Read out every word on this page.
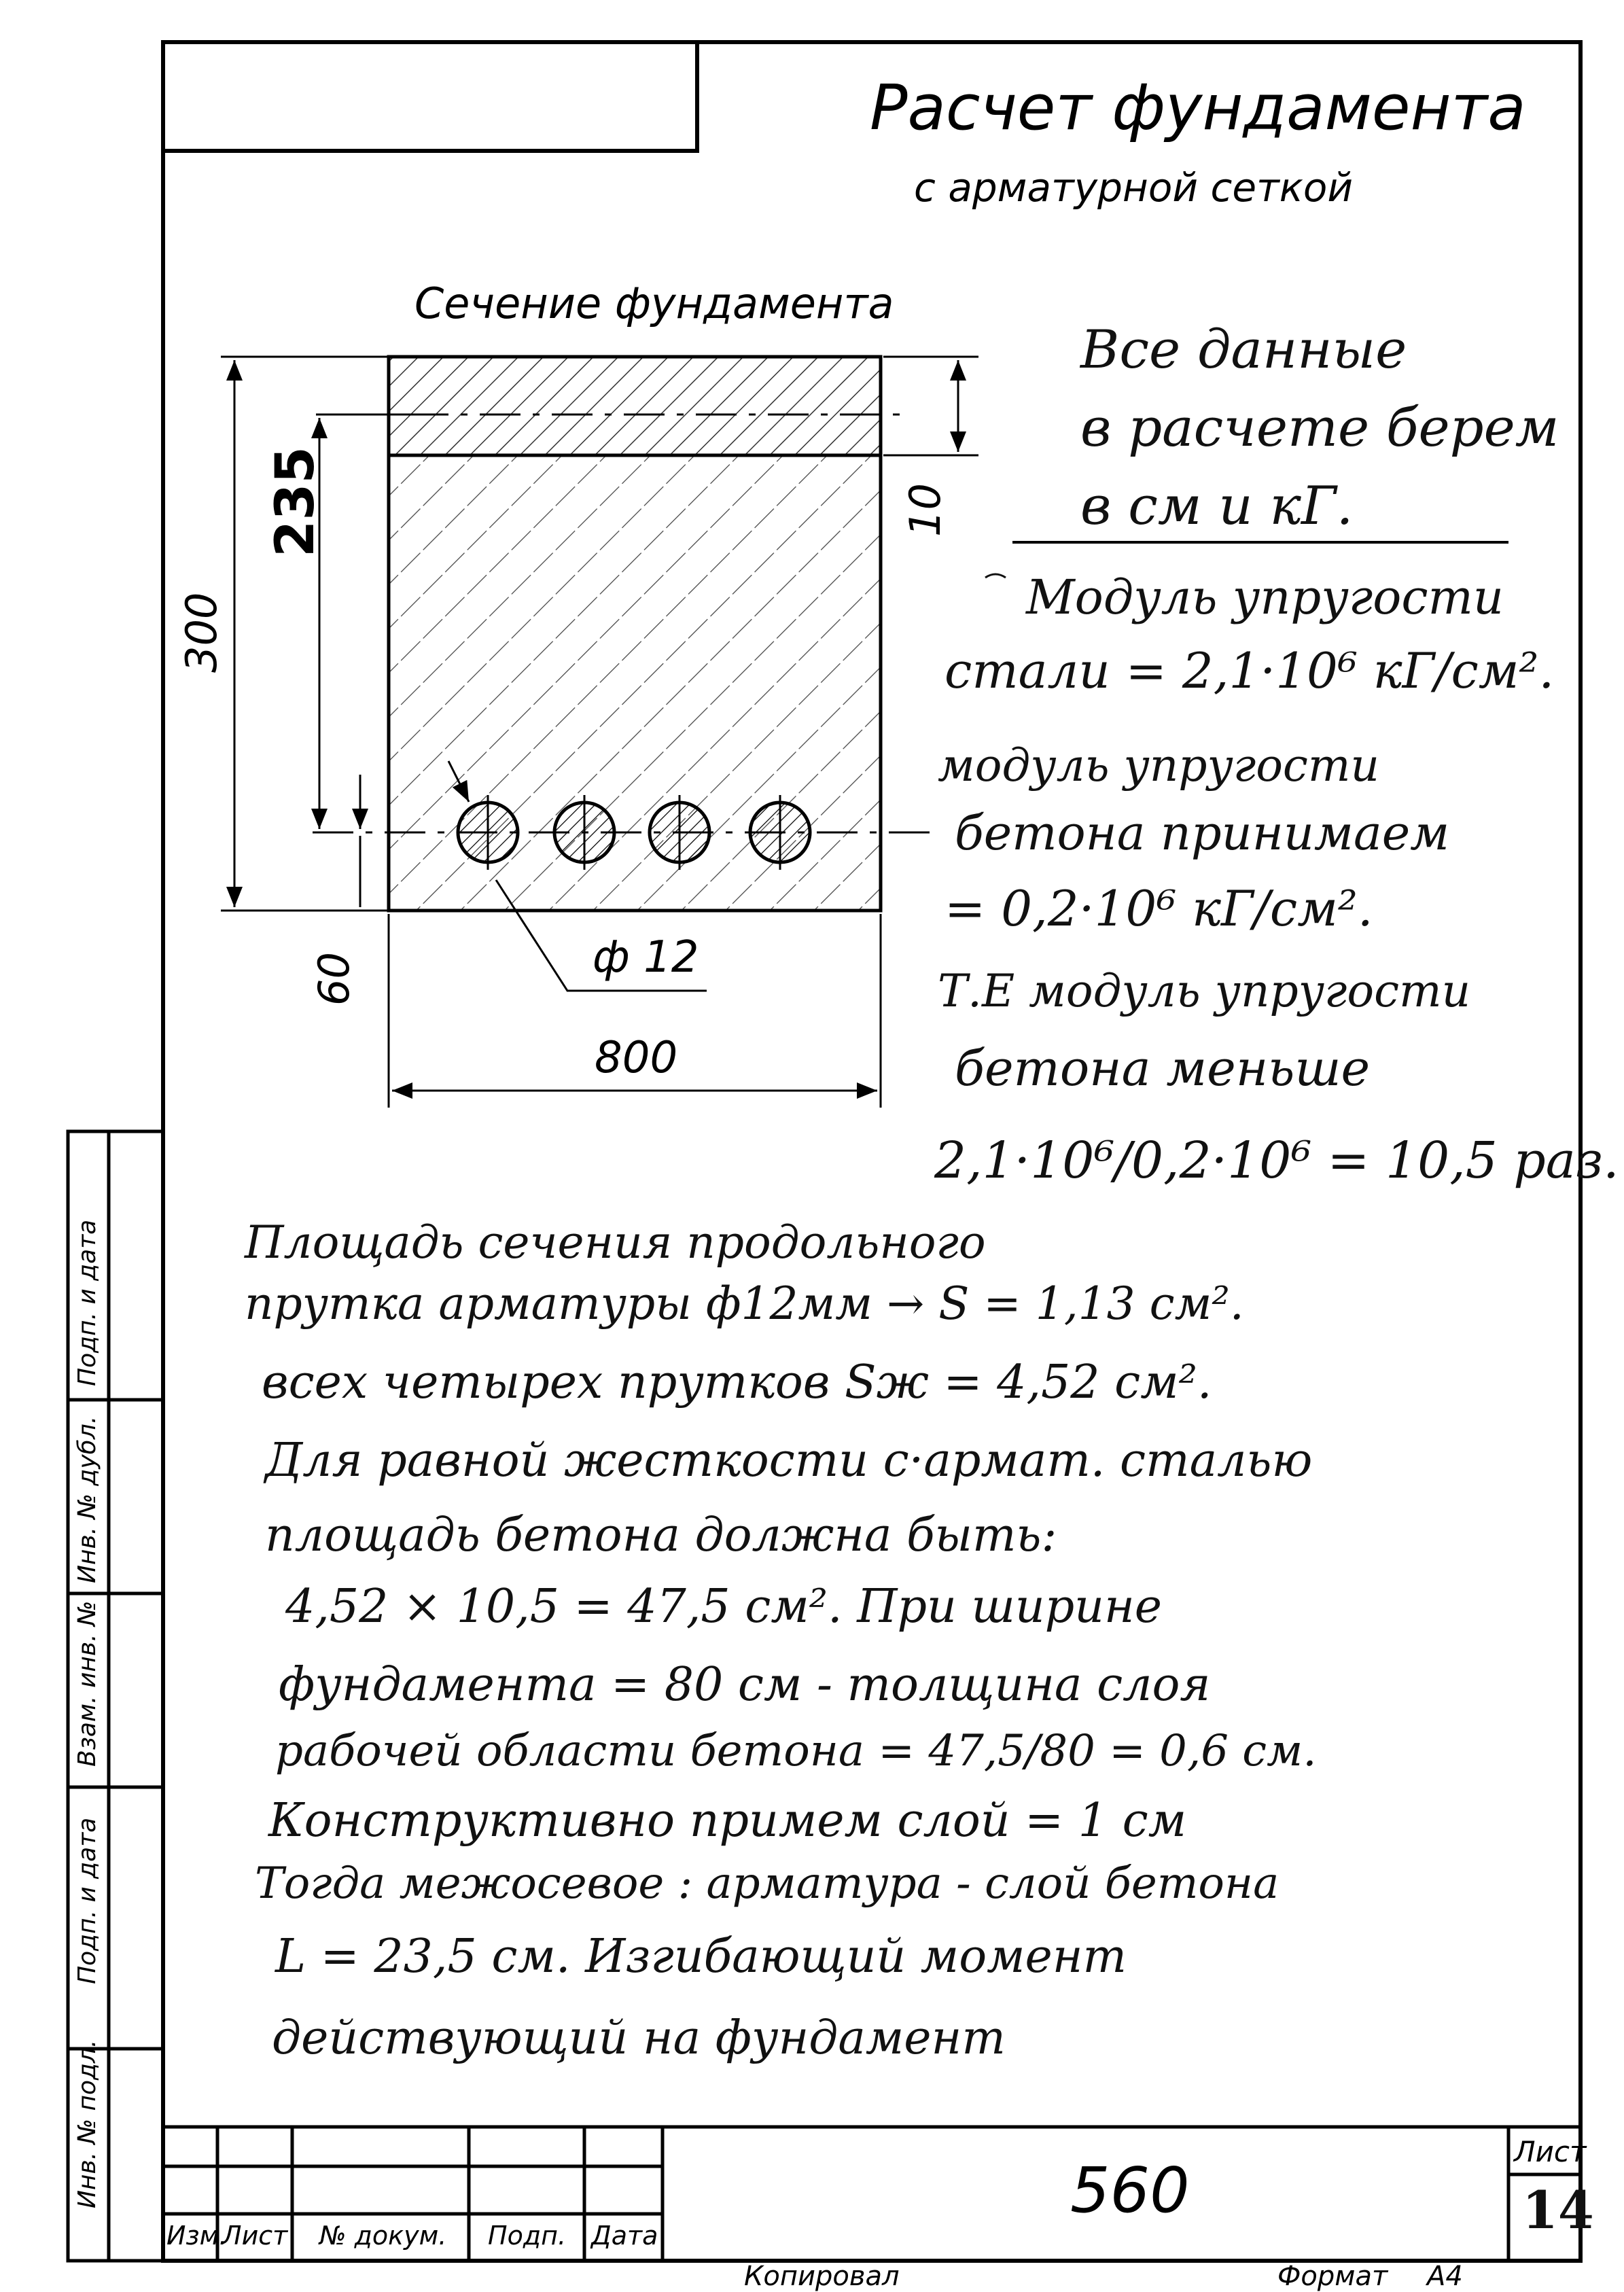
Расчет фундамента
с арматурной сеткой
Сечение фундамента
300
235	10
60
800
ф 12
Все данные
в расчете берем
в см и кГ.
Модуль упругости
стали = 2,1·10⁶ кГ/см².
модуль упругости
бетона принимаем
= 0,2·10⁶ кГ/см².
Т.Е модуль упругости
бетона меньше
2,1·10⁶/0,2·10⁶ = 10,5 раз.
Площадь сечения продольного
прутка арматуры ф12мм → S = 1,13 см².
всех четырех прутков Sж = 4,52 см².
Для равной жесткости с·армат. сталью
площадь бетона должна быть:
4,52 × 10,5 = 47,5 см². При ширине
фундамента = 80 см - толщина слоя
рабочей области бетона = 47,5/80 = 0,6 см.
Конструктивно примем слой = 1 см
Тогда межосевое : арматура - слой бетона
L = 23,5 см. Изгибающий момент
действующий на фундамент
Инв. № подл.
Подп. и дата
Взам. инв. №
Инв. № дубл.
Подп. и дата
Изм.
Лист № докум. Подп. Дата
560
Лист
14
Копировал	Формат А4
